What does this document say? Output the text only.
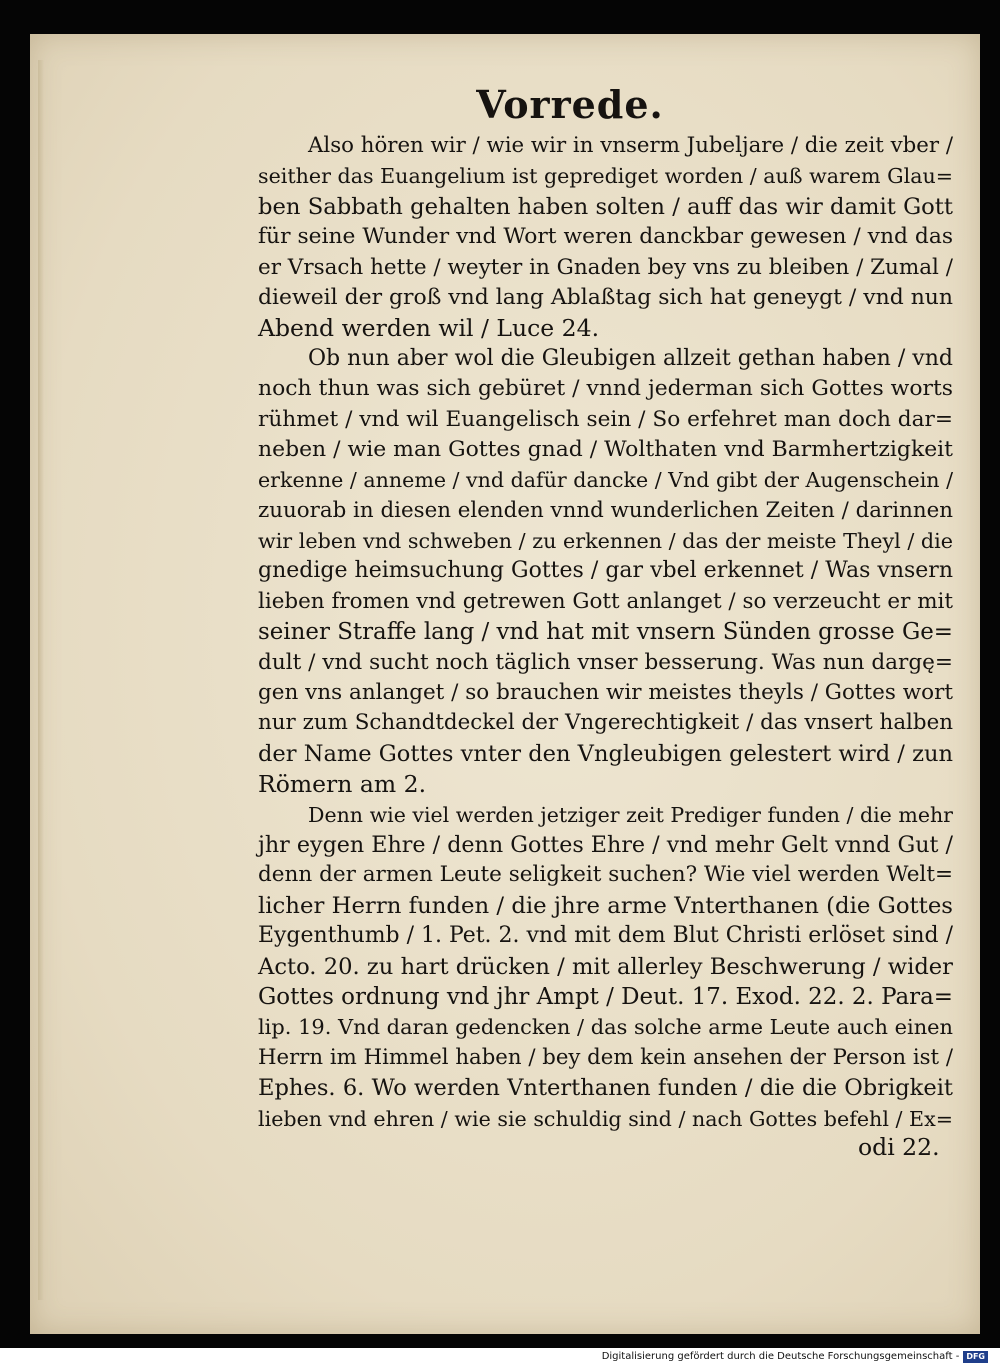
Vorrede.
Also hören wir / wie wir in vnserm Jubeljare / die zeit vber /
seither das Euangelium ist geprediget worden / auß warem Glau=
ben Sabbath gehalten haben solten / auff das wir damit Gott
für seine Wunder vnd Wort weren danckbar gewesen / vnd das
er Vrsach hette / weyter in Gnaden bey vns zu bleiben / Zumal /
dieweil der groß vnd lang Ablaßtag sich hat geneygt / vnd nun
Abend werden wil / Luce 24.
Ob nun aber wol die Gleubigen allzeit gethan haben / vnd
noch thun was sich gebüret / vnnd jederman sich Gottes worts
rühmet / vnd wil Euangelisch sein / So erfehret man doch dar=
neben / wie man Gottes gnad / Wolthaten vnd Barmhertzigkeit
erkenne / anneme / vnd dafür dancke / Vnd gibt der Augenschein /
zuuorab in diesen elenden vnnd wunderlichen Zeiten / darinnen
wir leben vnd schweben / zu erkennen / das der meiste Theyl / die
gnedige heimsuchung Gottes / gar vbel erkennet / Was vnsern
lieben fromen vnd getrewen Gott anlanget / so verzeucht er mit
seiner Straffe lang / vnd hat mit vnsern Sünden grosse Ge=
dult / vnd sucht noch täglich vnser besserung. Was nun dargę=
gen vns anlanget / so brauchen wir meistes theyls / Gottes wort
nur zum Schandtdeckel der Vngerechtigkeit / das vnsert halben
der Name Gottes vnter den Vngleubigen gelestert wird / zun
Römern am 2.
Denn wie viel werden jetziger zeit Prediger funden / die mehr
jhr eygen Ehre / denn Gottes Ehre / vnd mehr Gelt vnnd Gut /
denn der armen Leute seligkeit suchen? Wie viel werden Welt=
licher Herrn funden / die jhre arme Vnterthanen (die Gottes
Eygenthumb / 1. Pet. 2. vnd mit dem Blut Christi erlöset sind /
Acto. 20. zu hart drücken / mit allerley Beschwerung / wider
Gottes ordnung vnd jhr Ampt / Deut. 17. Exod. 22. 2. Para=
lip. 19. Vnd daran gedencken / das solche arme Leute auch einen
Herrn im Himmel haben / bey dem kein ansehen der Person ist /
Ephes. 6. Wo werden Vnterthanen funden / die die Obrigkeit
lieben vnd ehren / wie sie schuldig sind / nach Gottes befehl / Ex=
odi 22.
Digitalisierung gefördert durch die Deutsche Forschungsgemeinschaft - DFG
